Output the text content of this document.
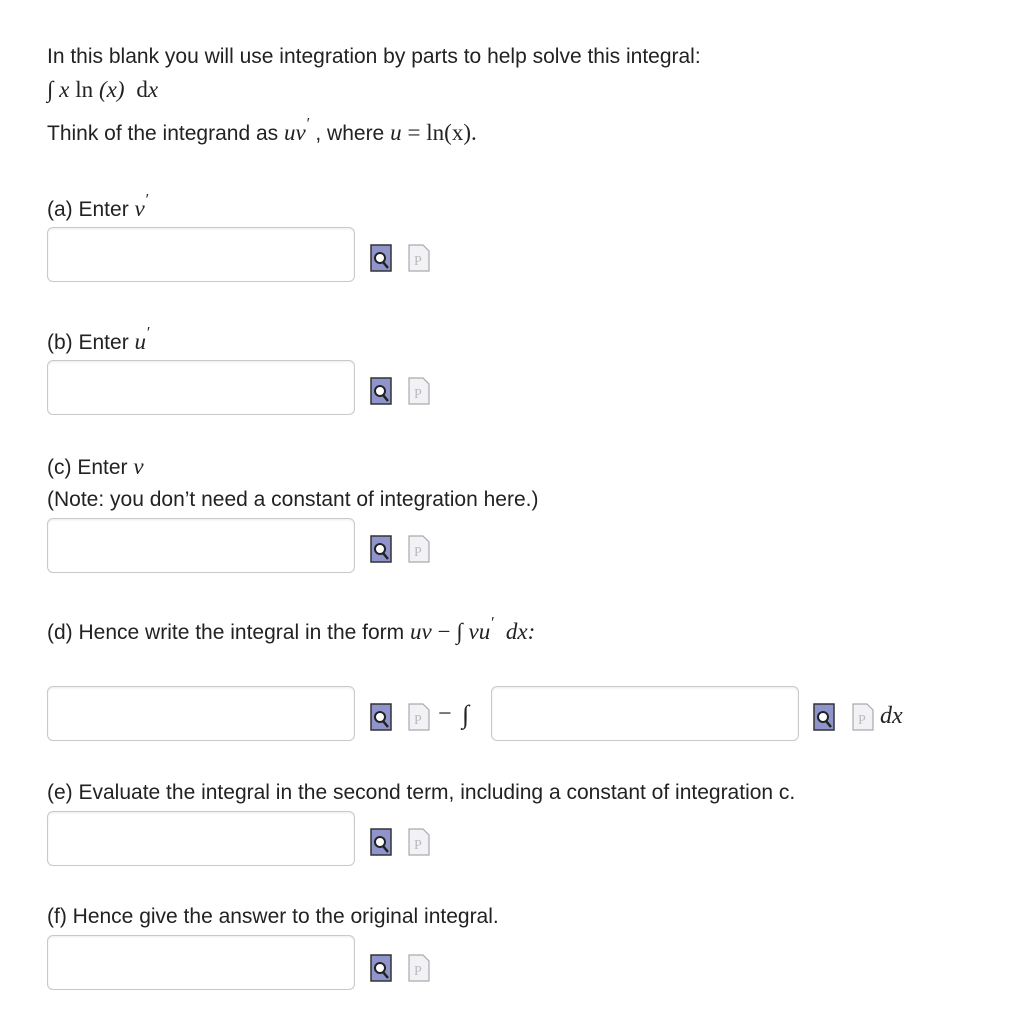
In this blank you will use integration by parts to help solve this integral:
∫ x ln (x) dx
Think of the integrand as uv′ , where u = ln(x).
(a) Enter v′
P
(b) Enter u′
P
(c) Enter v
(Note: you don’t need a constant of integration here.)
P
(d) Hence write the integral in the form uv − ∫ vu′ dx:
P − ∫	P dx
(e) Evaluate the integral in the second term, including a constant of integration c.
P
(f) Hence give the answer to the original integral.
P
